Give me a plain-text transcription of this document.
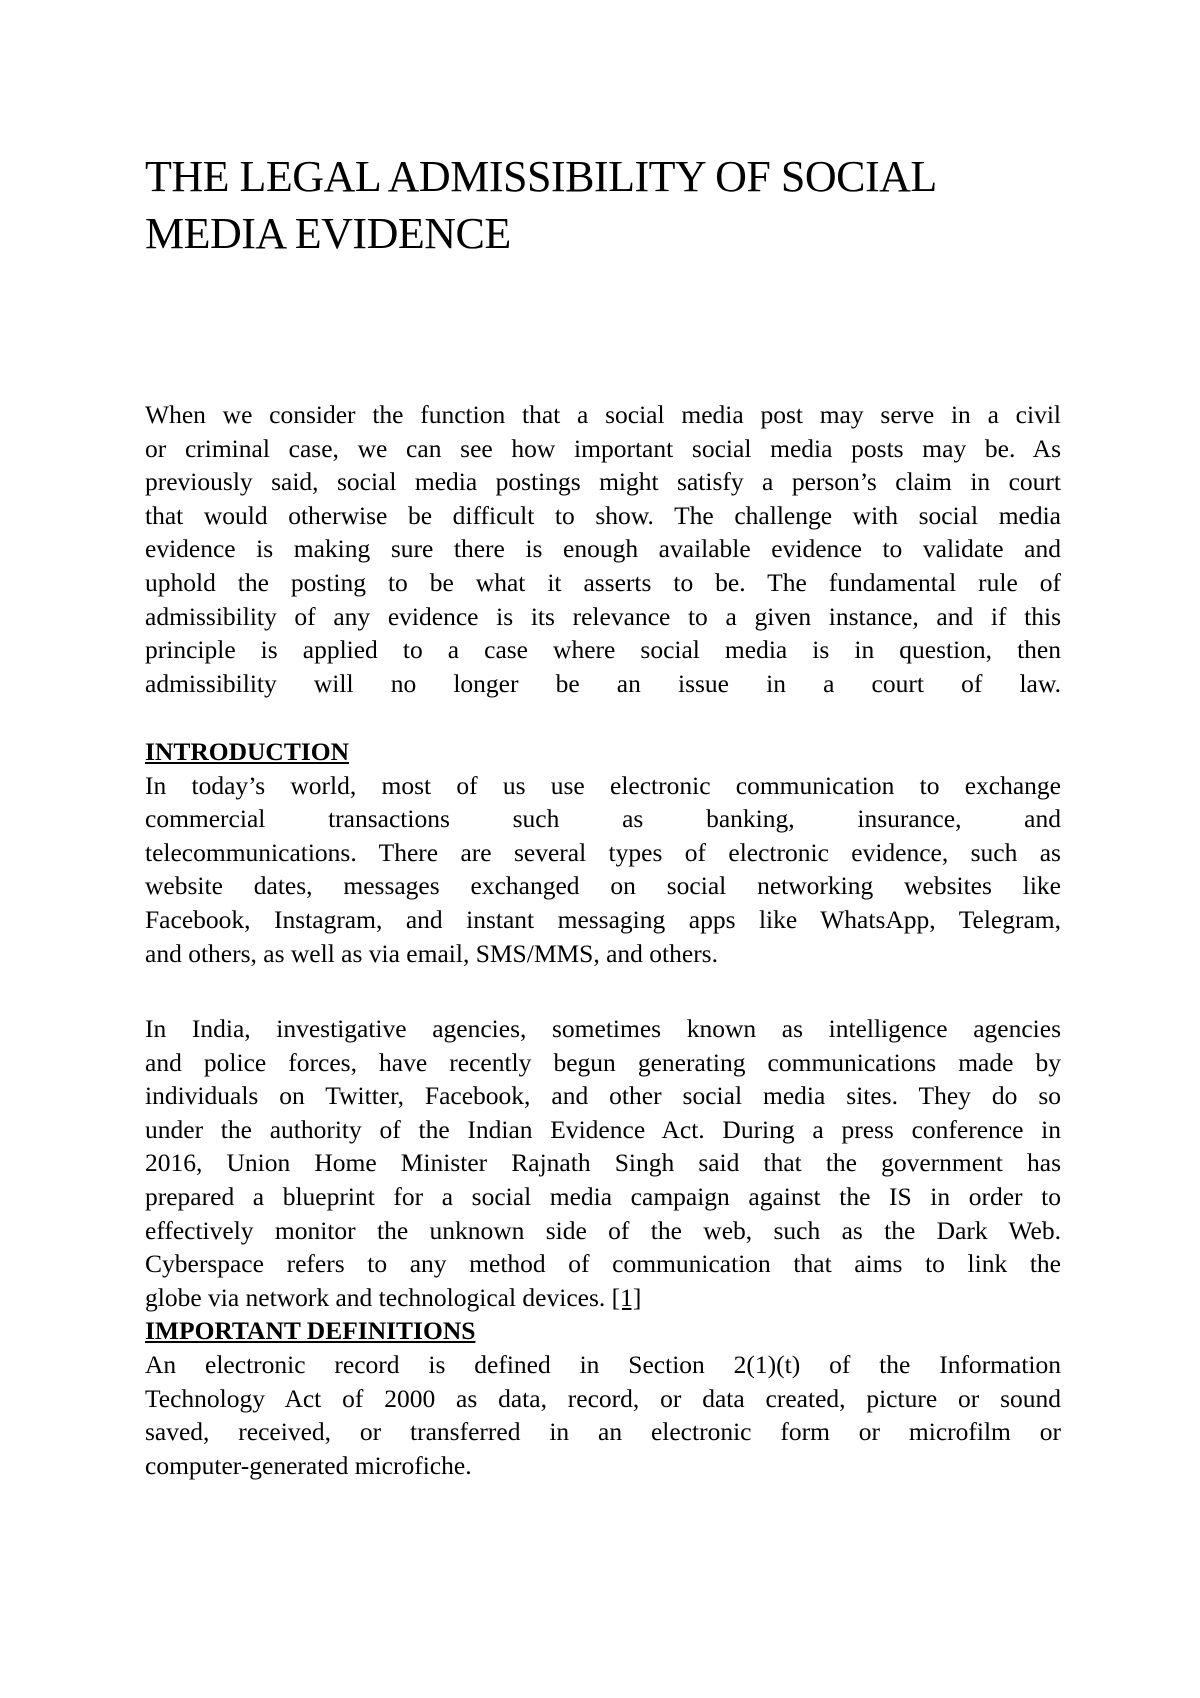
THE LEGAL ADMISSIBILITY OF SOCIAL
MEDIA EVIDENCE

When we consider the function that a social media post may serve in a civil

or criminal case, we can see how important social media posts may be. As

previously said, social media postings might satisfy a person’s claim in court

that would otherwise be difficult to show. The challenge with social media

evidence is making sure there is enough available evidence to validate and

uphold the posting to be what it asserts to be. The fundamental rule of

admissibility of any evidence is its relevance to a given instance, and if this

principle is applied to a case where social media is in question, then

admissibility will no longer be an issue in a court of law.

INTRODUCTION

In today’s world, most of us use electronic communication to exchange

commercial transactions such as banking, insurance, and

telecommunications. There are several types of electronic evidence, such as

website dates, messages exchanged on social networking websites like

Facebook, Instagram, and instant messaging apps like WhatsApp, Telegram,

and others, as well as via email, SMS/MMS, and others.

In India, investigative agencies, sometimes known as intelligence agencies

and police forces, have recently begun generating communications made by

individuals on Twitter, Facebook, and other social media sites. They do so

under the authority of the Indian Evidence Act. During a press conference in

2016, Union Home Minister Rajnath Singh said that the government has

prepared a blueprint for a social media campaign against the IS in order to

effectively monitor the unknown side of the web, such as the Dark Web.

Cyberspace refers to any method of communication that aims to link the

globe via network and technological devices. [1]

IMPORTANT DEFINITIONS

An electronic record is defined in Section 2(1)(t) of the Information

Technology Act of 2000 as data, record, or data created, picture or sound

saved, received, or transferred in an electronic form or microfilm or

computer-generated microfiche.
